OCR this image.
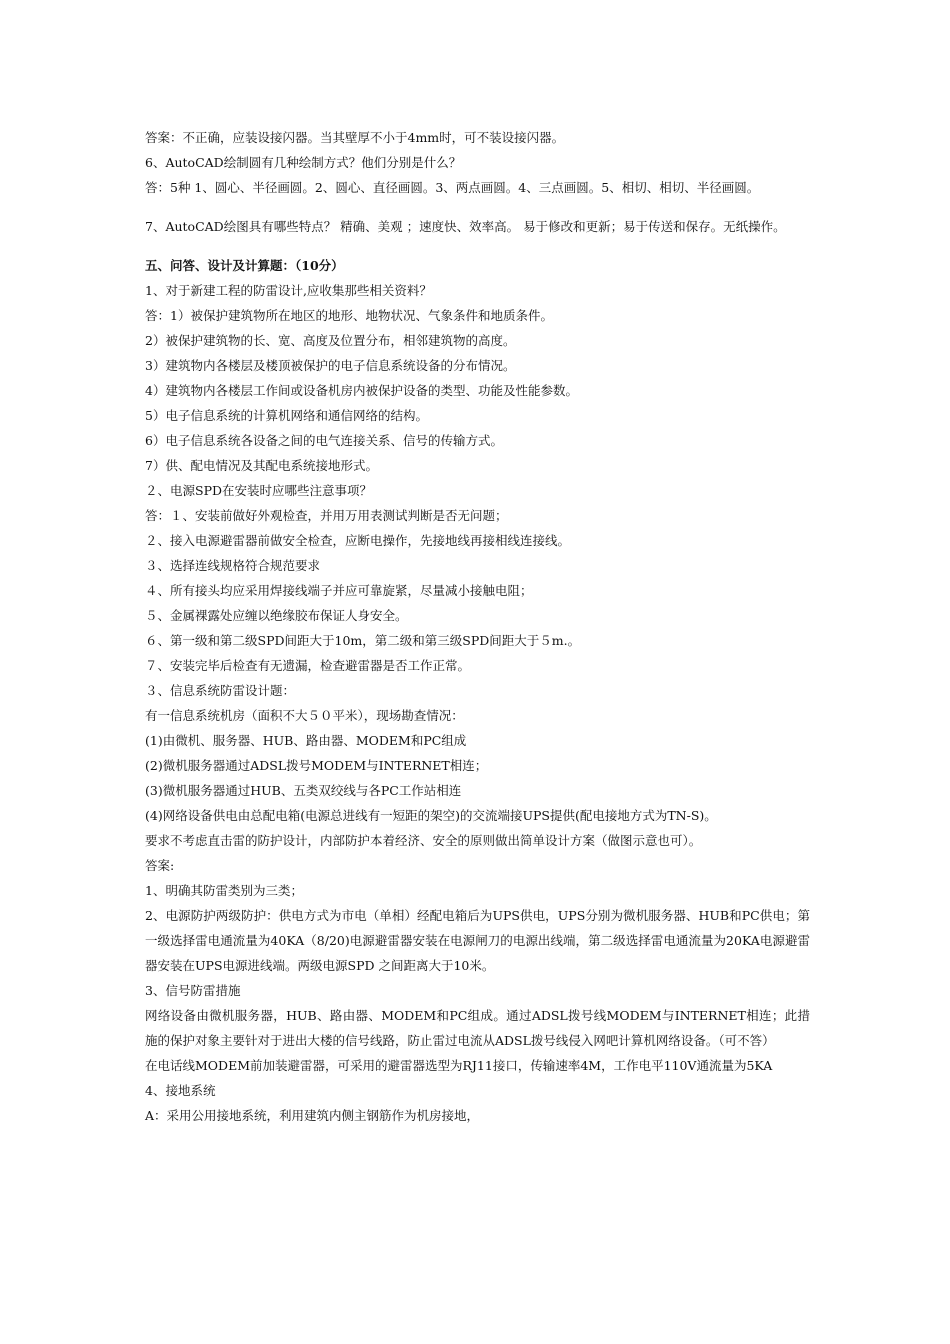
答案：不正确，应装设接闪器。当其壁厚不小于4mm时，可不装设接闪器。

6、AutoCAD绘制圆有几种绘制方式？他们分别是什么？

答：5种 1、圆心、半径画圆。2、圆心、直径画圆。3、两点画圆。4、三点画圆。5、相切、相切、半径画圆。

7、AutoCAD绘图具有哪些特点？ 精确、美观 ；速度快、效率高。 易于修改和更新；易于传送和保存。无纸操作。

五、问答、设计及计算题：（10分）

1、对于新建工程的防雷设计,应收集那些相关资料？

答：1）被保护建筑物所在地区的地形、地物状况、气象条件和地质条件。

2）被保护建筑物的长、宽、高度及位置分布，相邻建筑物的高度。

3）建筑物内各楼层及楼顶被保护的电子信息系统设备的分布情况。

4）建筑物内各楼层工作间或设备机房内被保护设备的类型、功能及性能参数。

5）电子信息系统的计算机网络和通信网络的结构。

6）电子信息系统各设备之间的电气连接关系、信号的传输方式。

7）供、配电情况及其配电系统接地形式。

２、电源SPD在安装时应哪些注意事项？

答：１、安装前做好外观检查，并用万用表测试判断是否无问题；

２、接入电源避雷器前做安全检查，应断电操作，先接地线再接相线连接线。

３、选择连线规格符合规范要求

４、所有接头均应采用焊接线端子并应可靠旋紧，尽量减小接触电阻；

５、金属裸露处应缠以绝缘胶布保证人身安全。

６、第一级和第二级SPD间距大于10m，第二级和第三级SPD间距大于５m.。

７、安装完毕后检查有无遗漏，检查避雷器是否工作正常。

３、信息系统防雷设计题：

有一信息系统机房（面积不大５０平米），现场勘查情况：

(1)由微机、服务器、HUB、路由器、MODEM和PC组成

(2)微机服务器通过ADSL拨号MODEM与INTERNET相连；

(3)微机服务器通过HUB、五类双绞线与各PC工作站相连

(4)网络设备供电由总配电箱(电源总进线有一短距的架空)的交流端接UPS提供(配电接地方式为TN-S)。

要求不考虑直击雷的防护设计，内部防护本着经济、安全的原则做出简单设计方案（做图示意也可）。

答案:

1、明确其防雷类别为三类；

2、电源防护两级防护：供电方式为市电（单相）经配电箱后为UPS供电，UPS分别为微机服务器、HUB和PC供电；第一级选择雷电通流量为40KA（8/20)电源避雷器安装在电源闸刀的电源出线端，第二级选择雷电通流量为20KA电源避雷器安装在UPS电源进线端。两级电源SPD 之间距离大于10米。

3、信号防雷措施

网络设备由微机服务器，HUB、路由器、MODEM和PC组成。通过ADSL拨号线MODEM与INTERNET相连；此措施的保护对象主要针对于进出大楼的信号线路，防止雷过电流从ADSL拨号线侵入网吧计算机网络设备。（可不答）

在电话线MODEM前加装避雷器，可采用的避雷器选型为RJ11接口，传输速率4M，工作电平110V通流量为5KA

4、接地系统

A：采用公用接地系统，利用建筑内侧主钢筋作为机房接地，
